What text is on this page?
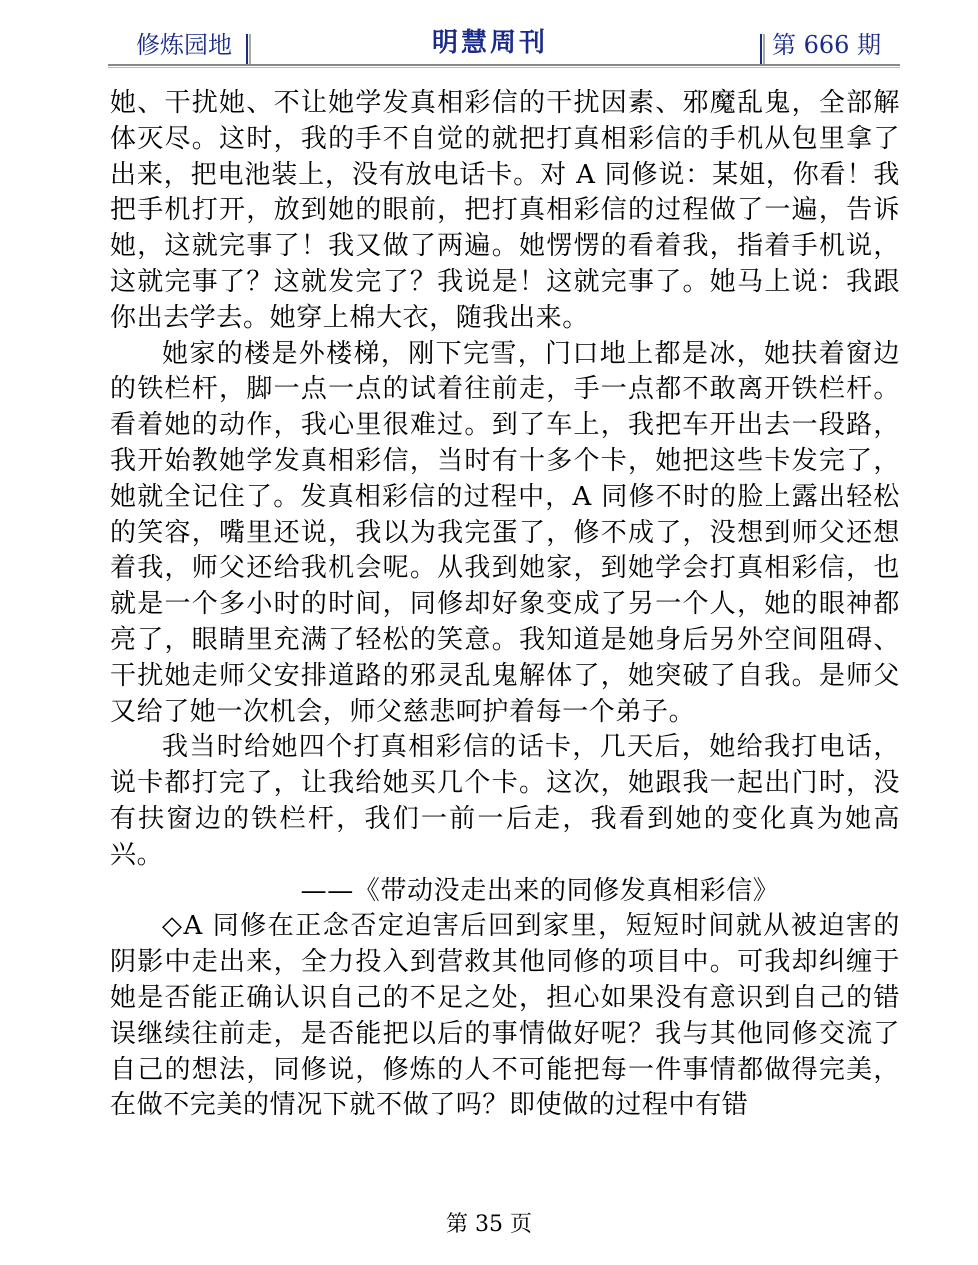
修炼园地	明慧周刊	第 666 期

她、干扰她、不让她学发真相彩信的干扰因素、邪魔乱鬼，全部解体灭尽。这时，我的手不自觉的就把打真相彩信的手机从包里拿了出来，把电池装上，没有放电话卡。对 A 同修说：某姐，你看！我把手机打开，放到她的眼前，把打真相彩信的过程做了一遍，告诉她，这就完事了！我又做了两遍。她愣愣的看着我，指着手机说，这就完事了？这就发完了？我说是！这就完事了。她马上说：我跟你出去学去。她穿上棉大衣，随我出来。

她家的楼是外楼梯，刚下完雪，门口地上都是冰，她扶着窗边的铁栏杆，脚一点一点的试着往前走，手一点都不敢离开铁栏杆。看着她的动作，我心里很难过。到了车上，我把车开出去一段路，我开始教她学发真相彩信，当时有十多个卡，她把这些卡发完了，她就全记住了。发真相彩信的过程中，A 同修不时的脸上露出轻松的笑容，嘴里还说，我以为我完蛋了，修不成了，没想到师父还想着我，师父还给我机会呢。从我到她家，到她学会打真相彩信，也就是一个多小时的时间，同修却好象变成了另一个人，她的眼神都亮了，眼睛里充满了轻松的笑意。我知道是她身后另外空间阻碍、干扰她走师父安排道路的邪灵乱鬼解体了，她突破了自我。是师父又给了她一次机会，师父慈悲呵护着每一个弟子。

我当时给她四个打真相彩信的话卡，几天后，她给我打电话，说卡都打完了，让我给她买几个卡。这次，她跟我一起出门时，没有扶窗边的铁栏杆，我们一前一后走，我看到她的变化真为她高兴。

——《带动没走出来的同修发真相彩信》

◇A 同修在正念否定迫害后回到家里，短短时间就从被迫害的阴影中走出来，全力投入到营救其他同修的项目中。可我却纠缠于她是否能正确认识自己的不足之处，担心如果没有意识到自己的错误继续往前走，是否能把以后的事情做好呢？我与其他同修交流了自己的想法，同修说，修炼的人不可能把每一件事情都做得完美，在做不完美的情况下就不做了吗？即使做的过程中有错

第 35 页
